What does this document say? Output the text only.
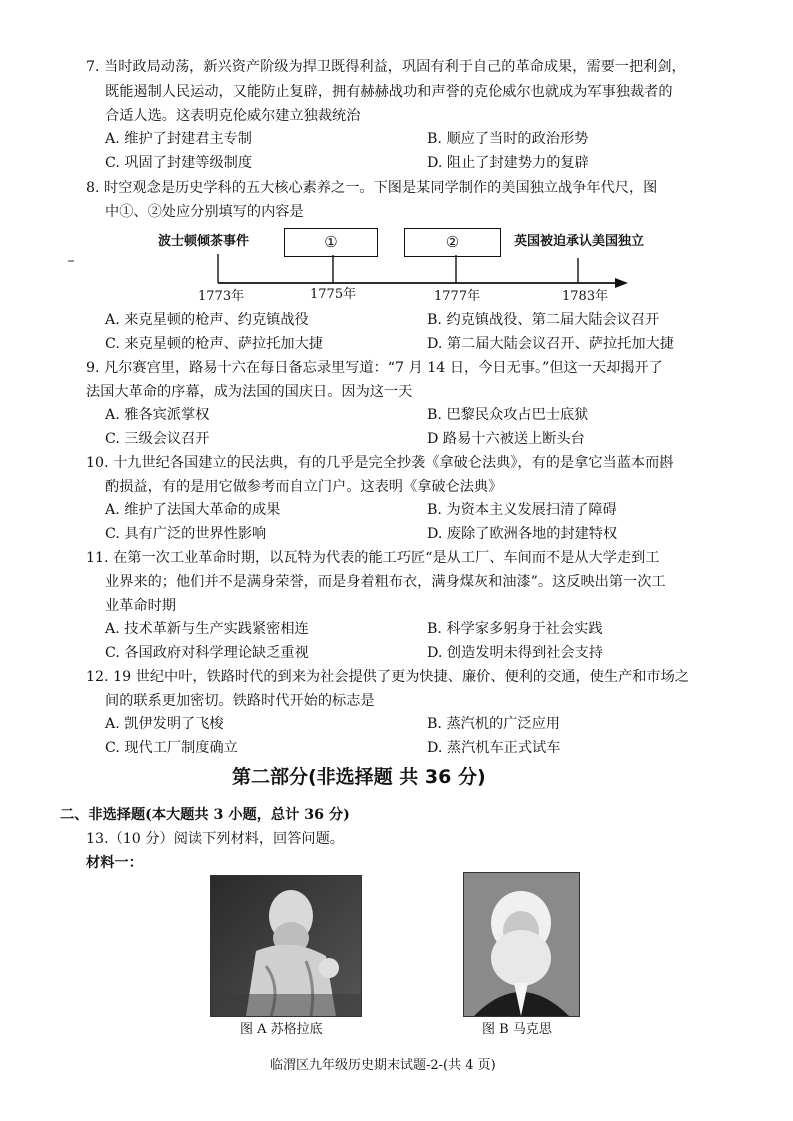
7. 当时政局动荡，新兴资产阶级为捍卫既得利益，巩固有利于自己的革命成果，需要一把利剑，
既能遏制人民运动，又能防止复辟，拥有赫赫战功和声誉的克伦威尔也就成为军事独裁者的
合适人选。这表明克伦威尔建立独裁统治
A. 维护了封建君主专制	B. 顺应了当时的政治形势
C. 巩固了封建等级制度	D. 阻止了封建势力的复辟
8. 时空观念是历史学科的五大核心素养之一。下图是某同学制作的美国独立战争年代尺，图
中①、②处应分别填写的内容是
波士顿倾茶事件	①	②	英国被迫承认美国独立
1773年	1775年	1777年	1783年
A. 来克星顿的枪声、约克镇战役	B. 约克镇战役、第二届大陆会议召开
C. 来克星顿的枪声、萨拉托加大捷	D. 第二届大陆会议召开、萨拉托加大捷
9. 凡尔赛宫里，路易十六在每日备忘录里写道：“7 月 14 日，今日无事。”但这一天却揭开了
法国大革命的序幕，成为法国的国庆日。因为这一天
A. 雅各宾派掌权	B. 巴黎民众攻占巴士底狱
C. 三级会议召开	D 路易十六被送上断头台
10. 十九世纪各国建立的民法典，有的几乎是完全抄袭《拿破仑法典》，有的是拿它当蓝本而斟
酌损益，有的是用它做参考而自立门户。这表明《拿破仑法典》
A. 维护了法国大革命的成果	B. 为资本主义发展扫清了障碍
C. 具有广泛的世界性影响	D. 废除了欧洲各地的封建特权
11. 在第一次工业革命时期，以瓦特为代表的能工巧匠“是从工厂、车间而不是从大学走到工
业界来的；他们并不是满身荣誉，而是身着粗布衣，满身煤灰和油漆”。这反映出第一次工
业革命时期
A. 技术革新与生产实践紧密相连	B. 科学家多躬身于社会实践
C. 各国政府对科学理论缺乏重视	D. 创造发明未得到社会支持
12. 19 世纪中叶，铁路时代的到来为社会提供了更为快捷、廉价、便利的交通，使生产和市场之
间的联系更加密切。铁路时代开始的标志是
A. 凯伊发明了飞梭	B. 蒸汽机的广泛应用
C. 现代工厂制度确立	D. 蒸汽机车正式试车
第二部分(非选择题 共 36 分)
二、非选择题(本大题共 3 小题，总计 36 分)
13.（10 分）阅读下列材料，回答问题。
材料一：
图 A 苏格拉底	图 B 马克思
临渭区九年级历史期末试题-2-(共 4 页)
